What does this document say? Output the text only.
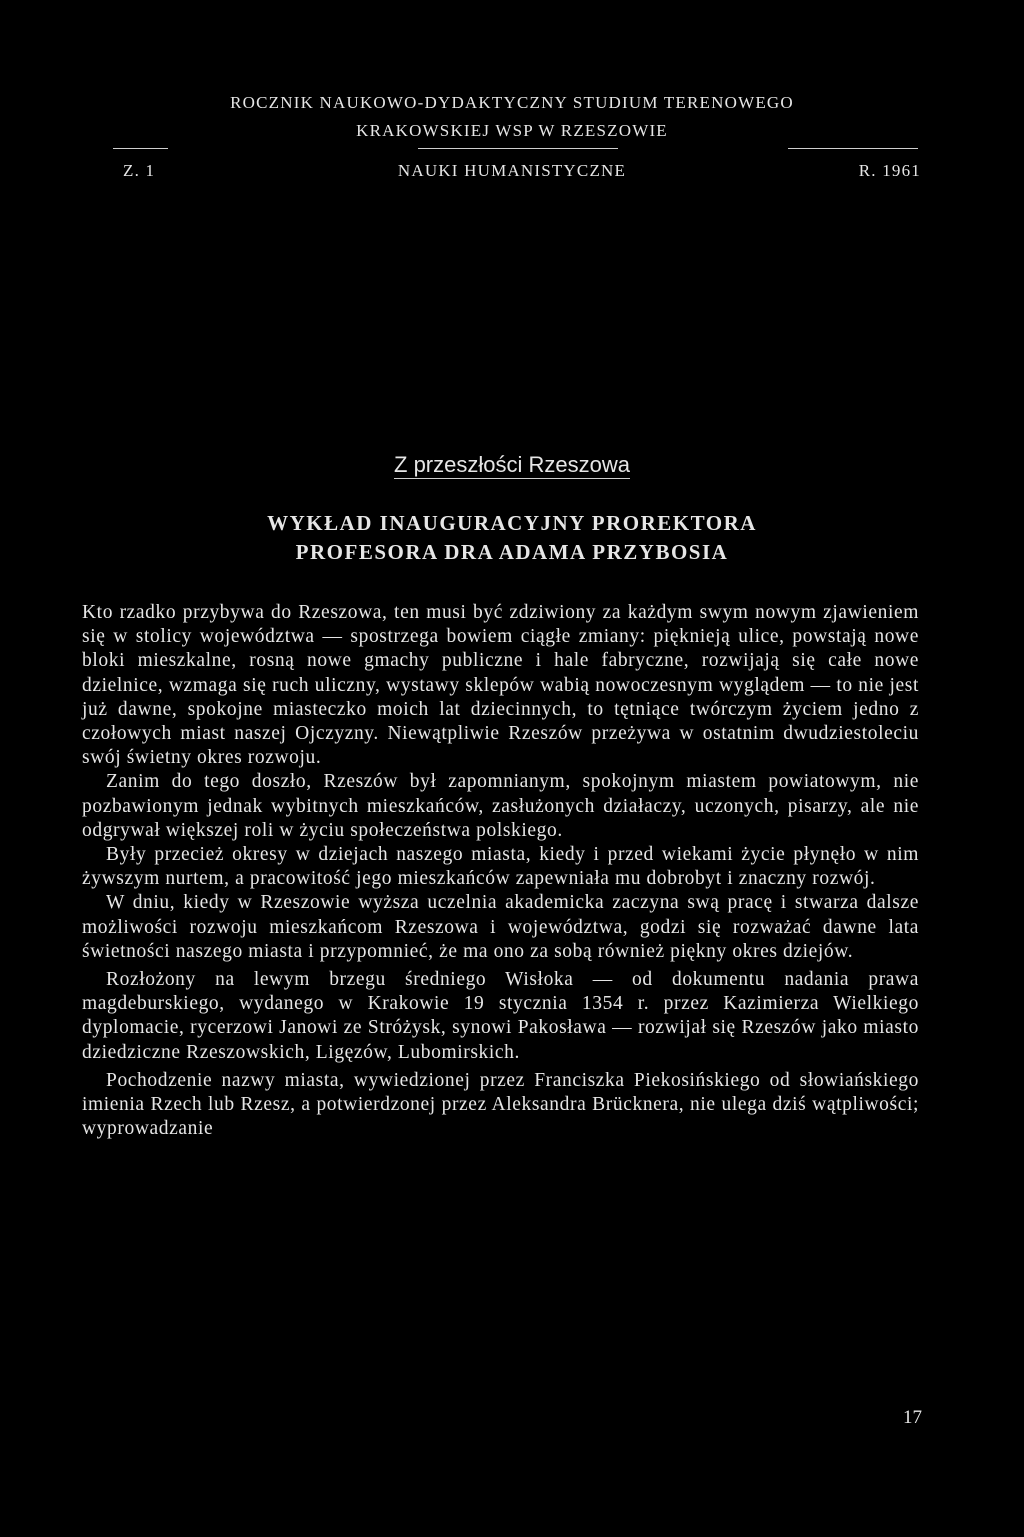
ROCZNIK NAUKOWO-DYDAKTYCZNY STUDIUM TERENOWEGO
KRAKOWSKIEJ WSP W RZESZOWIE
Z. 1	NAUKI HUMANISTYCZNE	R. 1961
Z przeszłości Rzeszowa
WYKŁAD INAUGURACYJNY PROREKTORA
PROFESORA DRA ADAMA PRZYBOSIA

Kto rzadko przybywa do Rzeszowa, ten musi być zdziwiony za każdym swym nowym zjawieniem się w stolicy województwa — spostrzega bowiem ciągłe zmiany: pięknieją ulice, powstają nowe bloki mieszkalne, rosną nowe gmachy publiczne i hale fabryczne, rozwijają się całe nowe dzielnice, wzmaga się ruch uliczny, wystawy sklepów wabią nowoczesnym wyglądem — to nie jest już dawne, spokojne miasteczko moich lat dziecinnych, to tętniące twórczym życiem jedno z czołowych miast naszej Ojczyzny. Niewątpliwie Rzeszów przeżywa w ostatnim dwudziestoleciu swój świetny okres rozwoju.

Zanim do tego doszło, Rzeszów był zapomnianym, spokojnym miastem powiatowym, nie pozbawionym jednak wybitnych mieszkańców, zasłużonych działaczy, uczonych, pisarzy, ale nie odgrywał większej roli w życiu społeczeństwa polskiego.

Były przecież okresy w dziejach naszego miasta, kiedy i przed wiekami życie płynęło w nim żywszym nurtem, a pracowitość jego mieszkańców zapewniała mu dobrobyt i znaczny rozwój.

W dniu, kiedy w Rzeszowie wyższa uczelnia akademicka zaczyna swą pracę i stwarza dalsze możliwości rozwoju mieszkańcom Rzeszowa i województwa, godzi się rozważać dawne lata świetności naszego miasta i przypomnieć, że ma ono za sobą również piękny okres dziejów.

Rozłożony na lewym brzegu średniego Wisłoka — od dokumentu nadania prawa magdeburskiego, wydanego w Krakowie 19 stycznia 1354 r. przez Kazimierza Wielkiego dyplomacie, rycerzowi Janowi ze Stróżysk, synowi Pakosława — rozwijał się Rzeszów jako miasto dziedziczne Rzeszowskich, Ligęzów, Lubomirskich.

Pochodzenie nazwy miasta, wywiedzionej przez Franciszka Piekosińskiego od słowiańskiego imienia Rzech lub Rzesz, a potwierdzonej przez Aleksandra Brücknera, nie ulega dziś wątpliwości; wyprowadzanie

17
